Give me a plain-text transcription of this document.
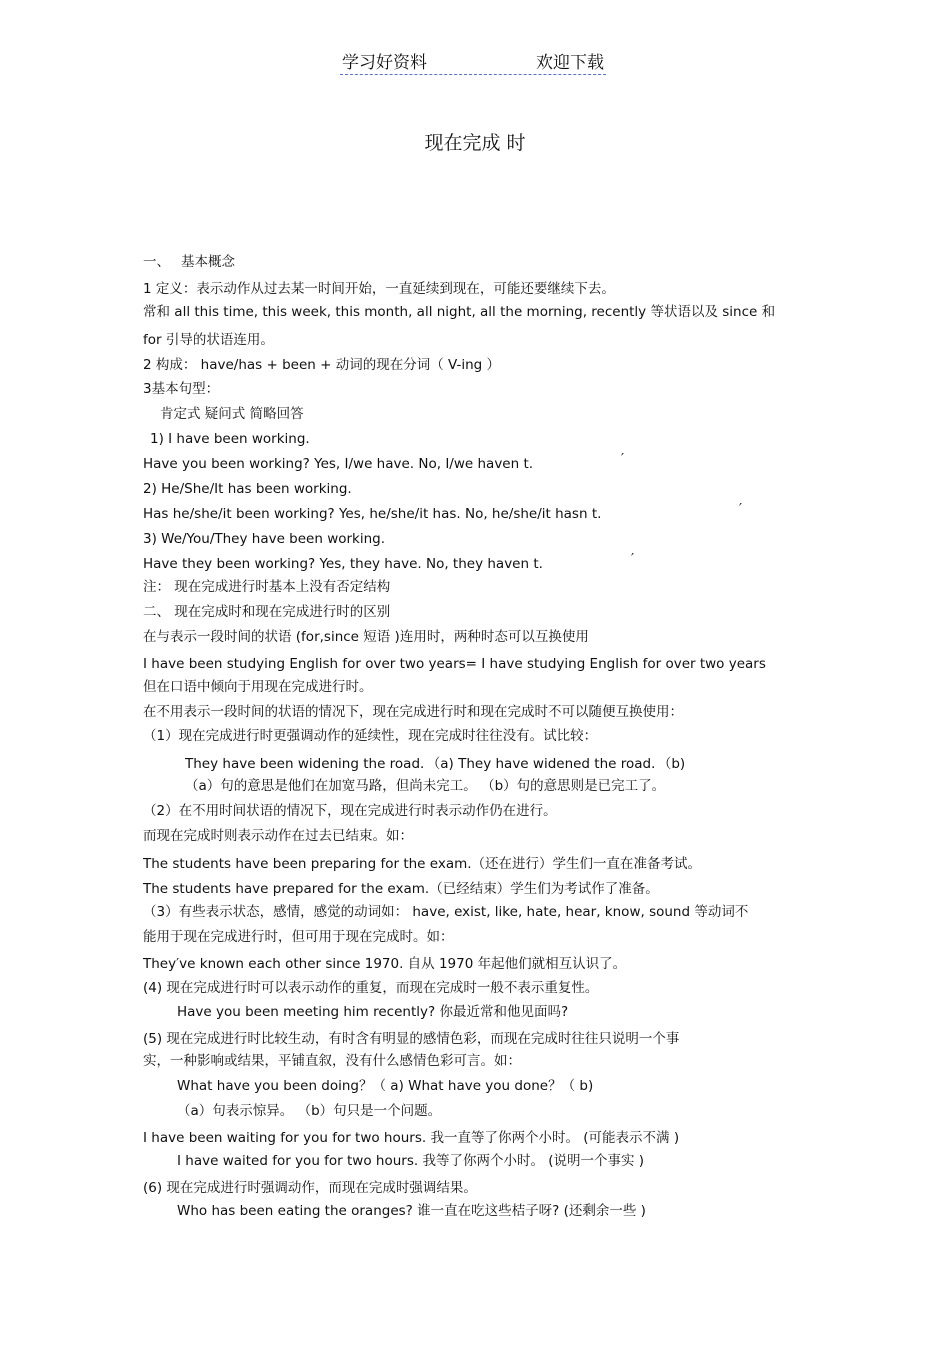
学习好资料	欢迎下载
现在完成 时
一、　 基本概念
1 定义：表示动作从过去某一时间开始，一直延续到现在，可能还要继续下去。
常和 all this time, this week, this month, all night, all the morning, recently 等状语以及 since 和
for 引导的状语连用。
2 构成： have/has + been + 动词的现在分词（ V-ing ）
3基本句型：
肯定式 疑问式 简略回答
1) I have been working.
Have you been working? Yes, I/we have. No, I/we haven t.	′
2) He/She/It has been working.
Has he/she/it been working? Yes, he/she/it has. No, he/she/it hasn t.	′
3) We/You/They have been working.
Have they been working? Yes, they have. No, they haven t.	′
注： 现在完成进行时基本上没有否定结构
二、 现在完成时和现在完成进行时的区别
在与表示一段时间的状语 (for,since 短语 )连用时，两种时态可以互换使用
I have been studying English for over two years= I have studying English for over two years
但在口语中倾向于用现在完成进行时。
在不用表示一段时间的状语的情况下，现在完成进行时和现在完成时不可以随便互换使用：
（1）现在完成进行时更强调动作的延续性，现在完成时往往没有。试比较：
They have been widening the road．（a) They have widened the road．（b)
（a）句的意思是他们在加宽马路，但尚未完工。 （b）句的意思则是已完工了。
（2）在不用时间状语的情况下，现在完成进行时表示动作仍在进行。
而现在完成时则表示动作在过去已结束。如：
The students have been preparing for the exam.（还在进行）学生们一直在准备考试。
The students have prepared for the exam.（已经结束）学生们为考试作了准备。
（3）有些表示状态，感情，感觉的动词如： have, exist, like, hate, hear, know, sound 等动词不
能用于现在完成进行时，但可用于现在完成时。如：
They′ve known each other since 1970. 自从 1970 年起他们就相互认识了。
(4) 现在完成进行时可以表示动作的重复，而现在完成时一般不表示重复性。
Have you been meeting him recently? 你最近常和他见面吗?
(5) 现在完成进行时比较生动，有时含有明显的感情色彩，而现在完成时往往只说明一个事
实，一种影响或结果，平铺直叙，没有什么感情色彩可言。如：
What have you been doing？（ a) What have you done？（ b)
（a）句表示惊异。 （b）句只是一个问题。
I have been waiting for you for two hours. 我一直等了你两个小时。 (可能表示不满 )
I have waited for you for two hours. 我等了你两个小时。 (说明一个事实 )
(6) 现在完成进行时强调动作，而现在完成时强调结果。
Who has been eating the oranges? 谁一直在吃这些桔子呀? (还剩余一些 )
